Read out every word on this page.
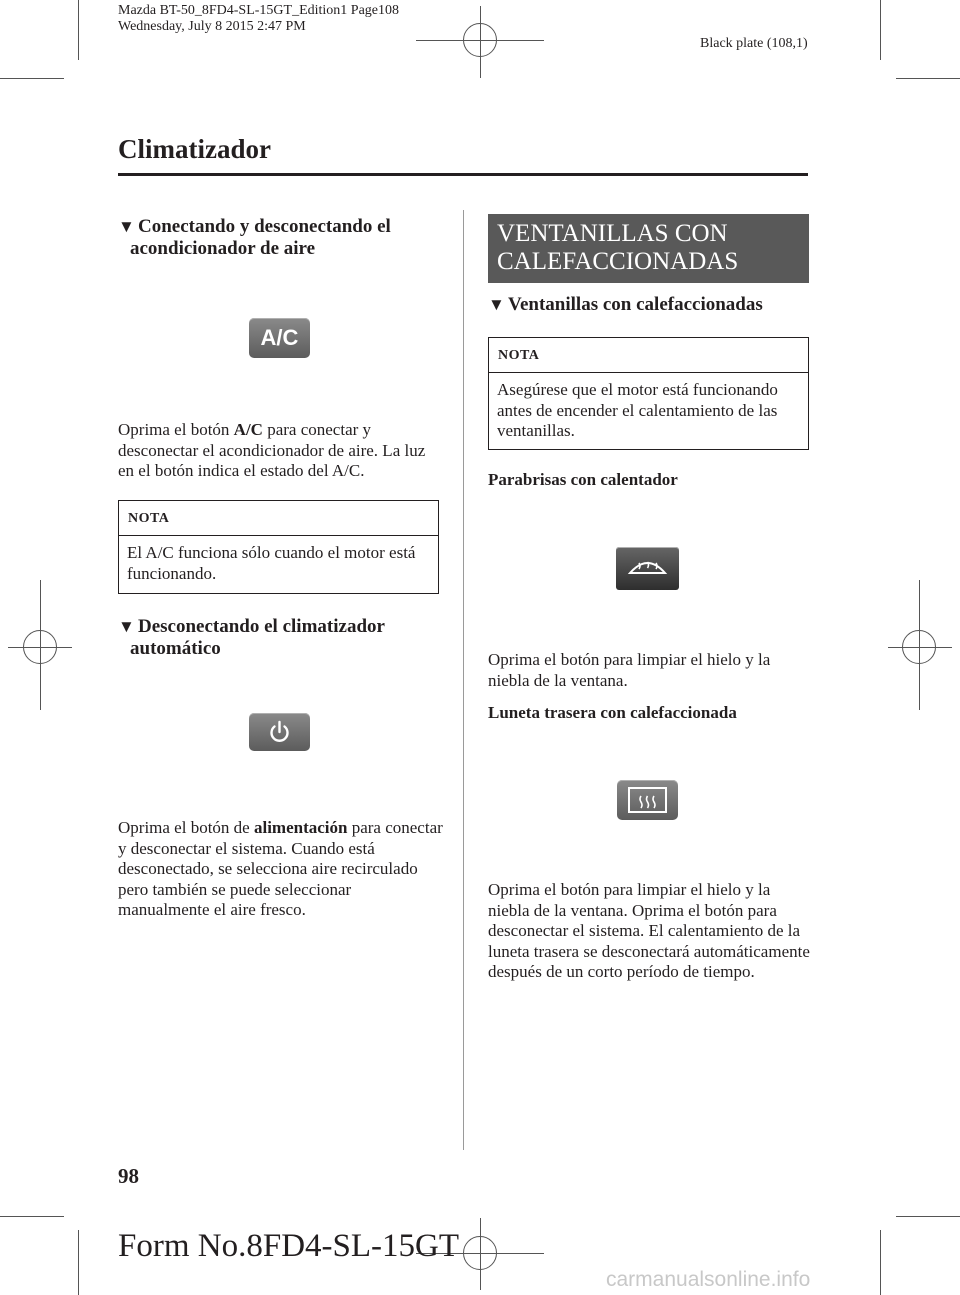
Mazda BT-50_8FD4-SL-15GT_Edition1 Page108
Wednesday, July 8 2015 2:47 PM
Black plate (108,1)
Climatizador
▼ Conectando y desconectando el
acondicionador de aire
A/C

Oprima el botón A/C para conectar y desconectar el acondicionador de aire. La luz en el botón indica el estado del A/C.

NOTA
El A/C funciona sólo cuando el motor está funcionando.
▼ Desconectando el climatizador
automático

Oprima el botón de alimentación para conectar y desconectar el sistema. Cuando está desconectado, se selecciona aire recirculado pero también se puede seleccionar manualmente el aire fresco.

VENTANILLAS CON
CALEFACCIONADAS
▼ Ventanillas con calefaccionadas
NOTA
Asegúrese que el motor está funcionando antes de encender el calentamiento de las ventanillas.
Parabrisas con calentador

Oprima el botón para limpiar el hielo y la niebla de la ventana.

Luneta trasera con calefaccionada

Oprima el botón para limpiar el hielo y la niebla de la ventana. Oprima el botón para desconectar el sistema. El calentamiento de la luneta trasera se desconectará automáticamente después de un corto período de tiempo.

98
Form No.8FD4-SL-15GT
carmanualsonline.info
